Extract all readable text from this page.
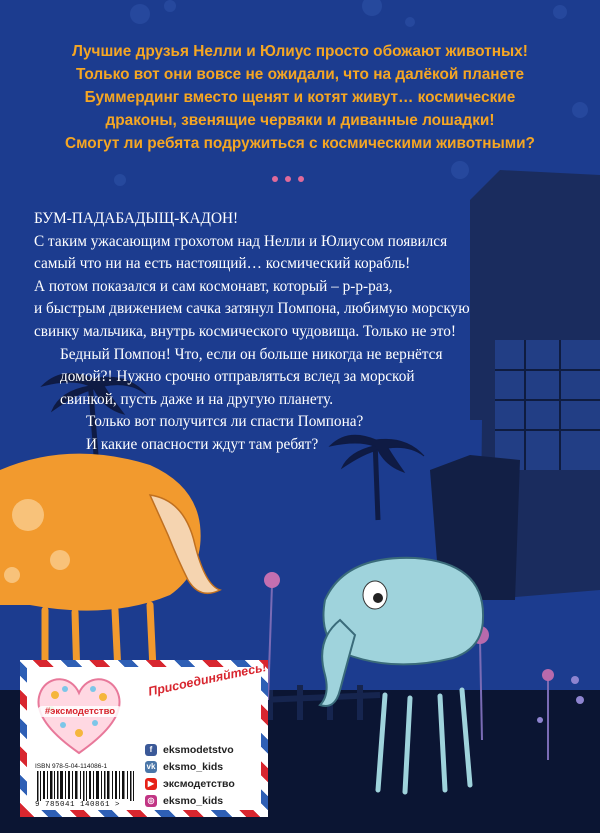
Лучшие друзья Нелли и Юлиус просто обожают животных!
Только вот они вовсе не ожидали, что на далёкой планете
Буммердинг вместо щенят и котят живут… космические
драконы, звенящие червяки и диванные лошадки!
Смогут ли ребята подружиться с космическими животными?
БУМ-ПАДАБАДЫЩ-КАДОН!
С таким ужасающим грохотом над Нелли и Юлиусом появился
самый что ни на есть настоящий… космический корабль!
А потом показался и сам космонавт, который – р-р-раз,
и быстрым движением сачка затянул Помпона, любимую морскую
свинку мальчика, внутрь космического чудовища. Только не это!
Бедный Помпон! Что, если он больше никогда не вернётся
домой?! Нужно срочно отправляться вслед за морской
свинкой, пусть даже и на другую планету.
Только вот получится ли спасти Помпона?
И какие опасности ждут там ребят?
#эксмодетство
Присоединяйтесь!
f	eksmodetstvo
vk eksmo_kids
▶ эксмодетство
◎ eksmo_kids
ISBN 978-5-04-114086-1
9 785041 140861 >
